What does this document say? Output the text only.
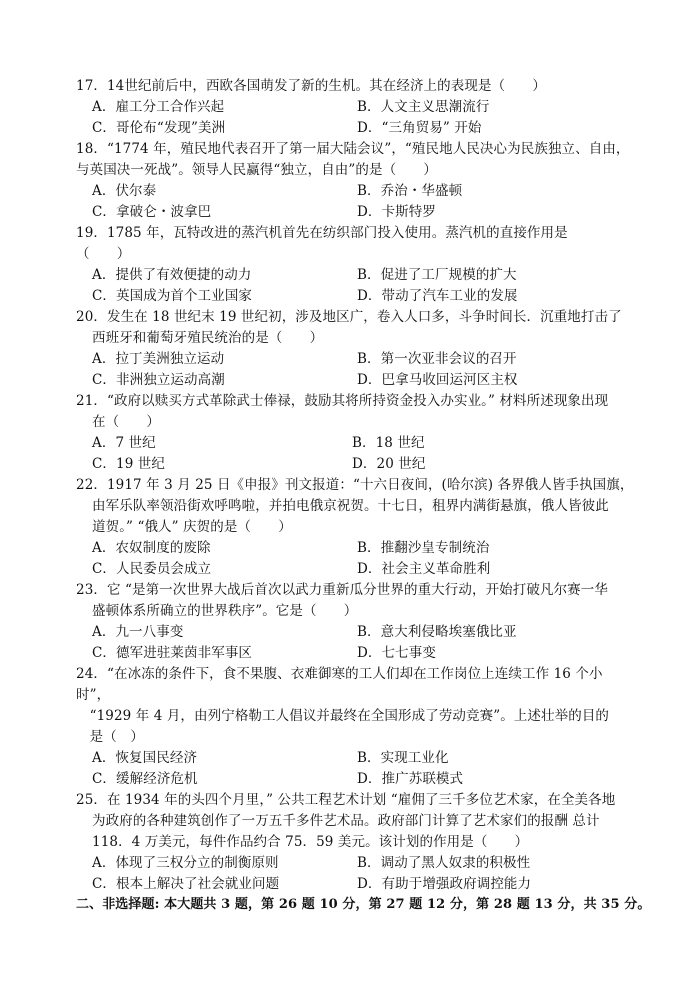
17．14世纪前后中，西欧各国萌发了新的生机。其在经济上的表现是（　　）
A．雇工分工合作兴起	B．人文主义思潮流行
C．哥伦布“发现”美洲	D．“三角贸易” 开始
18．“1774 年，殖民地代表召开了第一届大陆会议”，“殖民地人民决心为民族独立、自由，
与英国决一死战”。领导人民赢得“独立，自由”的是（　　）
A．伏尔泰	B．乔治・华盛顿
C．拿破仑・波拿巴	D．卡斯特罗
19．1785 年，瓦特改进的蒸汽机首先在纺织部门投入使用。蒸汽机的直接作用是
（　　）
A．提供了有效便捷的动力	B．促进了工厂规模的扩大
C．英国成为首个工业国家	D．带动了汽车工业的发展
20．发生在 18 世纪末 19 世纪初，涉及地区广，卷入人口多，斗争时间长．沉重地打击了
西班牙和葡萄牙殖民统治的是（　　）
A．拉丁美洲独立运动	B．第一次亚非会议的召开
C．非洲独立运动高潮	D．巴拿马收回运河区主权
21．“政府以赎买方式革除武士俸禄，鼓励其将所持资金投入办实业。” 材料所述现象出现
在（　　）
A．7 世纪	B．18 世纪
C．19 世纪	D．20 世纪
22．1917 年 3 月 25 日《申报》刊文报道：“十六日夜间，(哈尔滨) 各界俄人皆手执国旗，
由军乐队率领沿街欢呼鸣啦，并拍电俄京祝贺。十七日，租界内满街悬旗，俄人皆彼此
道贺。” “俄人” 庆贺的是（　　）
A．农奴制度的废除	B．推翻沙皇专制统治
C．人民委员会成立	D．社会主义革命胜利
23．它 “是第一次世界大战后首次以武力重新瓜分世界的重大行动，开始打破凡尔赛一华
盛顿体系所确立的世界秩序”。它是（　　）
A．九一八事变	B．意大利侵略埃塞俄比亚
C．德军进驻莱茵非军事区	D．七七事变
24．“在冰冻的条件下，食不果腹、衣难御寒的工人们却在工作岗位上连续工作 16 个小
时”，
　“1929 年 4 月，由列宁格勒工人倡议并最终在全国形成了劳动竞赛”。上述壮举的目的
　是（　）
A．恢复国民经济	B．实现工业化
C．缓解经济危机	D．推广苏联模式
25．在 1934 年的头四个月里，” 公共工程艺术计划 “雇佣了三千多位艺术家，在全美各地
为政府的各种建筑创作了一万五千多件艺术品。政府部门计算了艺术家们的报酬 总计
118．4 万美元，每件作品约合 75．59 美元。该计划的作用是（　　）
A．体现了三权分立的制衡原则	B．调动了黑人奴隶的积极性
C．根本上解决了社会就业问题	D．有助于增强政府调控能力
二、非选择题: 本大题共 3 题，第 26 题 10 分，第 27 题 12 分，第 28 题 13 分，共 35 分。
